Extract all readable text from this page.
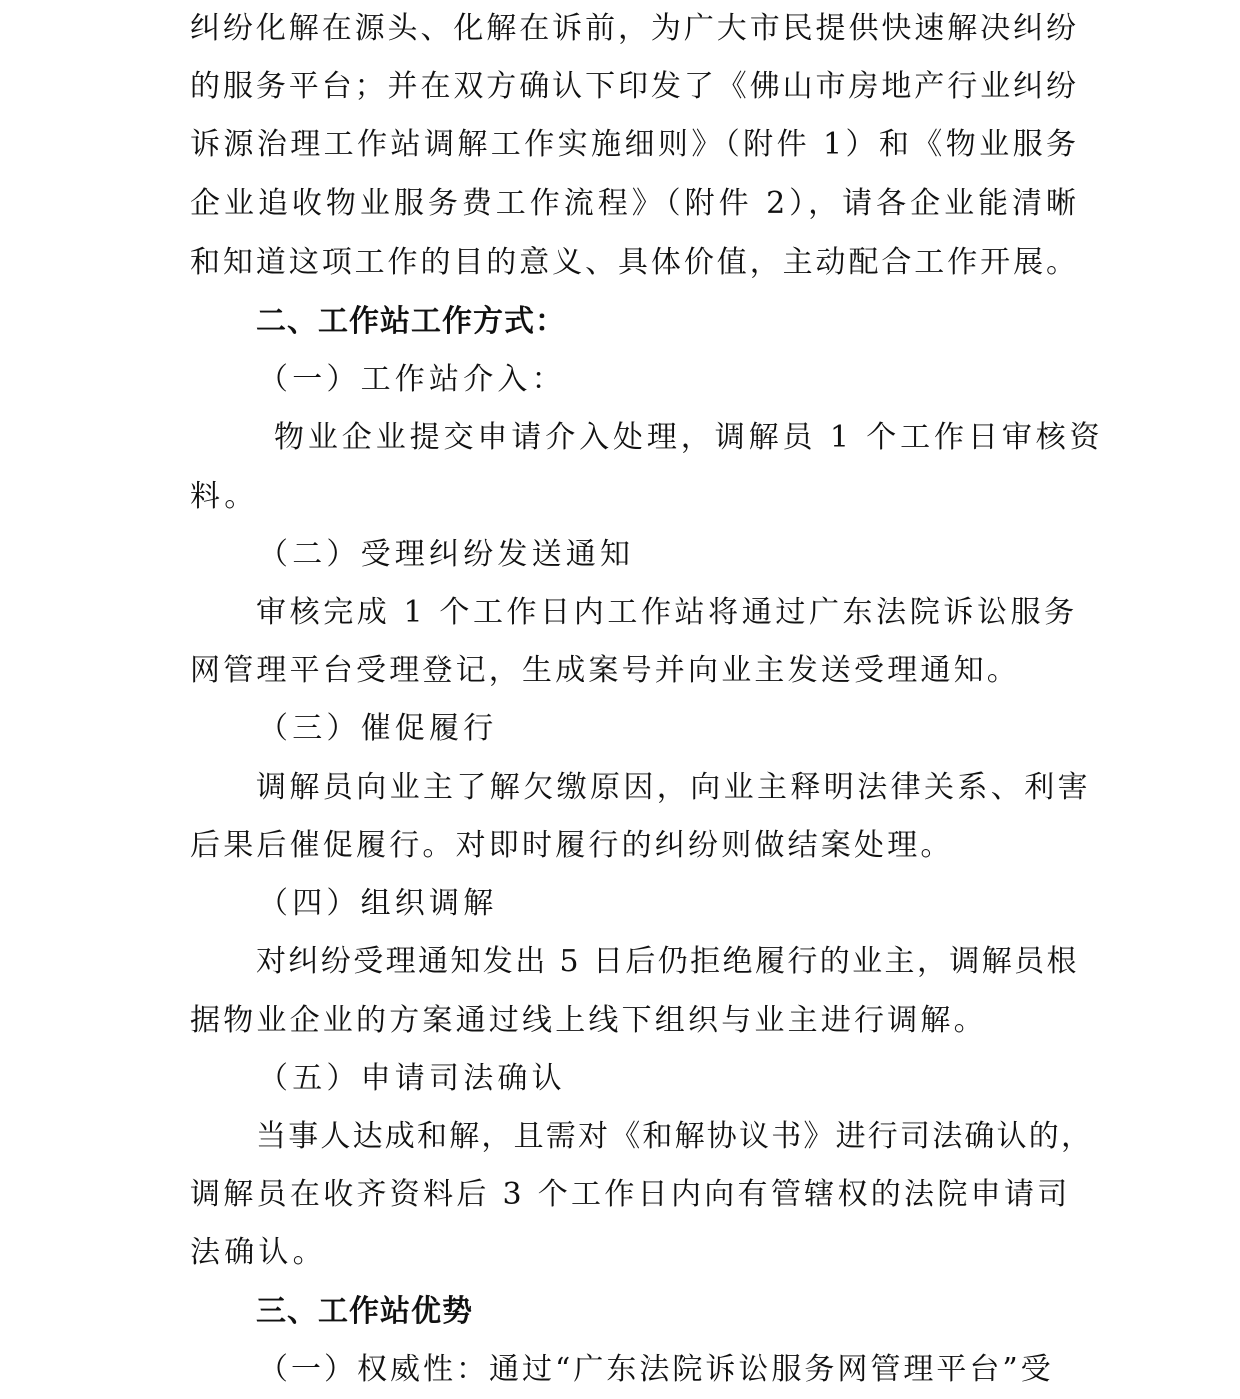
纠纷化解在源头、化解在诉前，为广大市民提供快速解决纠纷
的服务平台；并在双方确认下印发了《佛山市房地产行业纠纷
诉源治理工作站调解工作实施细则》（附件 1）和《物业服务
企业追收物业服务费工作流程》（附件 2），请各企业能清晰
和知道这项工作的目的意义、具体价值，主动配合工作开展。
二、工作站工作方式：
（一）工作站介入：
物业企业提交申请介入处理，调解员 1 个工作日审核资
料。
（二）受理纠纷发送通知
审核完成 1 个工作日内工作站将通过广东法院诉讼服务
网管理平台受理登记，生成案号并向业主发送受理通知。
（三）催促履行
调解员向业主了解欠缴原因，向业主释明法律关系、利害
后果后催促履行。对即时履行的纠纷则做结案处理。
（四）组织调解
对纠纷受理通知发出 5 日后仍拒绝履行的业主，调解员根
据物业企业的方案通过线上线下组织与业主进行调解。
（五）申请司法确认
当事人达成和解，且需对《和解协议书》进行司法确认的，
调解员在收齐资料后 3 个工作日内向有管辖权的法院申请司
法确认。
三、工作站优势
（一）权威性：通过“广东法院诉讼服务网管理平台”受
